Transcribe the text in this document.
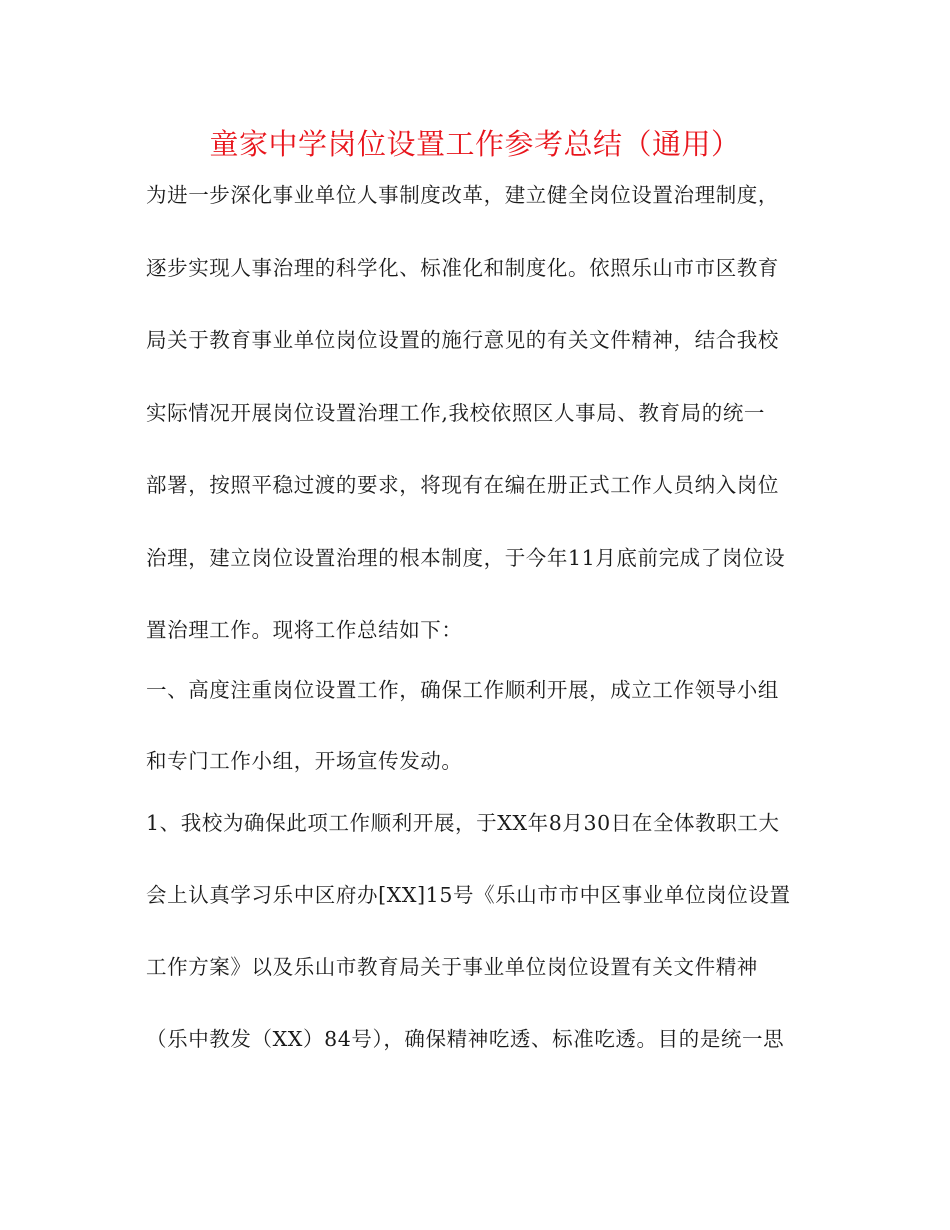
童家中学岗位设置工作参考总结（通用）
为进一步深化事业单位人事制度改革，建立健全岗位设置治理制度，
逐步实现人事治理的科学化、标准化和制度化。依照乐山市市区教育
局关于教育事业单位岗位设置的施行意见的有关文件精神，结合我校
实际情况开展岗位设置治理工作,我校依照区人事局、教育局的统一
部署，按照平稳过渡的要求，将现有在编在册正式工作人员纳入岗位
治理，建立岗位设置治理的根本制度，于今年11月底前完成了岗位设
置治理工作。现将工作总结如下：
一、高度注重岗位设置工作，确保工作顺利开展，成立工作领导小组
和专门工作小组，开场宣传发动。
1、我校为确保此项工作顺利开展，于XX年8月30日在全体教职工大
会上认真学习乐中区府办[XX]15号《乐山市市中区事业单位岗位设置
工作方案》以及乐山市教育局关于事业单位岗位设置有关文件精神
（乐中教发（XX）84号），确保精神吃透、标准吃透。目的是统一思
